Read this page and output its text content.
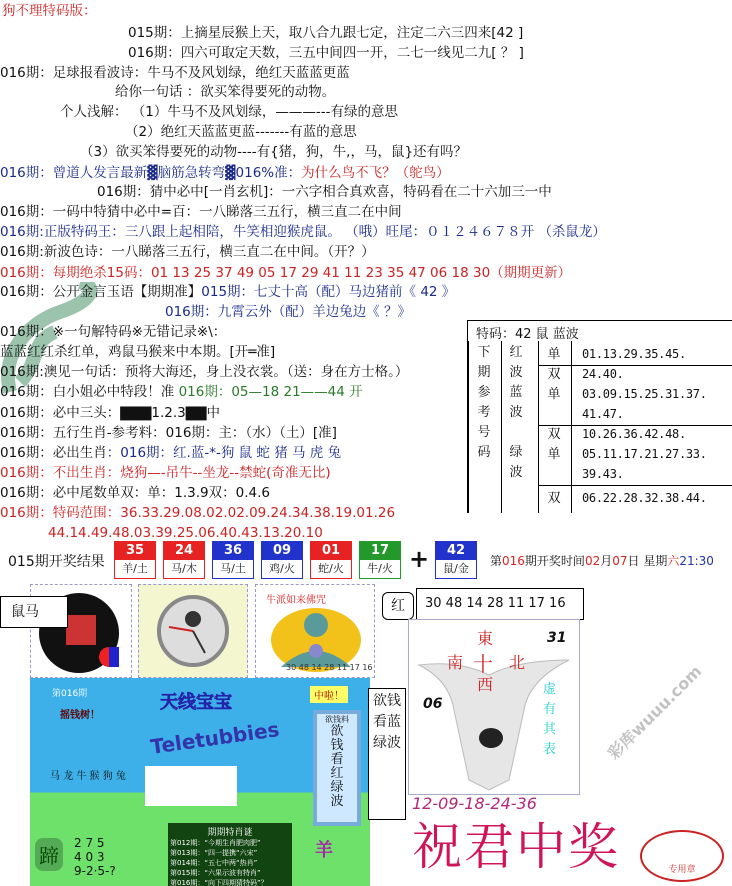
狗不理特码版：
015期：上摘星辰猴上天，取八合九跟七定，注定二六三四来[42 ]
016期：四六可取定天数，三五中间四一开，二七一线见二九[ ？ ]
016期：足球报看波诗：牛马不及风划绿，绝红天蓝蓝更蓝
给你一句话 ：欲买笨得要死的动物。
个人浅解： （1）牛马不及风划绿，———---有绿的意思
（2）绝红天蓝蓝更蓝-------有蓝的意思
（3）欲买笨得要死的动物----有{猪，狗，牛,，马，鼠}还有吗？
016期：曾道人发言最新▓脑筋急转弯▓016%准：为什么鸟不飞？（鸵鸟）
016期：猜中必中[一肖玄机]：一六字相合真欢喜，特码看在二十六加三一中
016期：一码中特猜中必中=百：一八睇落三五行，横三直二在中间
016期:正版特码王：三八跟上起相陪，牛笑相迎猴虎鼠。 （哦）旺尾：０１２４６７８开 （杀鼠龙）
016期:新波色诗：一八睇落三五行，横三直二在中间。（开？）
016期：每期绝杀15码：01 13 25 37 49 05 17 29 41 11 23 35 47 06 18 30（期期更新）
016期：公开金言玉语【期期准】015期：七丈十高（配）马边猪前《 42 》
016期：九霄云外（配）羊边兔边《 ？》
016期：※一句解特码※无错记录※\：
蓝蓝红红杀红单，鸡鼠马猴来中本期。[开═准]
016期:澳见一句话：预将大海还，身上没衣裳。（送：身在方士格。）
016期：白小姐必中特段！准 016期：05—18 21——44 开
016期：必中三头：▇▇▇1.2.3▇▇中
016期：五行生肖-参考料：016期：主：（水）（土）[准]
016期：必出生肖：016期：红.蓝-*-狗 鼠 蛇 猪 马 虎 兔
016期：不出生肖：烧狗—-吊牛--坐龙--禁蛇(奇准无比)
016期：必中尾数单双：单：1.3.9双：0.4.6
016期：特码范围：36.33.29.08.02.02.09.24.34.38.19.01.26
44.14.49.48.03.39.25.06.40.43.13.20.10
彩库wuuu.com
特码：42 鼠 蓝波
下期参考号码
红波蓝波
绿波
单 01.13.29.35.45.
双 24.40.
单 03.09.15.25.31.37.
41.47.
双 10.26.36.42.48.
单 05.11.17.21.27.33.
39.43.
双 06.22.28.32.38.44.
015期开奖结果
35
羊/土
24
马/木
36
马/土
09
鸡/火
01
蛇/火
17
牛/火 +	42
鼠/金
第016期开奖时间02月07日 星期六21:30
鼠马
牛派如来佛咒
30 48 14 28 11 17 16
红	30 48 14 28 11 17 16
第016期
摇钱树！
天线宝宝
Teletubbies
马 龙 牛 猴 狗 兔
中啦！
欲钱料
欲钱看红绿波
期期特肖谜
第012期：“今期生肖肥肉肥”
第013期：“四一提携“六宋”
第014期：“五七中两“热肖”
第015期：“六果示波有特肖”
第016期：“向下四期猜特码”？
蹄
2 7 5
4 0 3
9-2·5-?
羊
欲钱看蓝绿波
東
南 十 北
西
31
06
虚有其表
12-09-18-24-36
祝君中奖	专用章
